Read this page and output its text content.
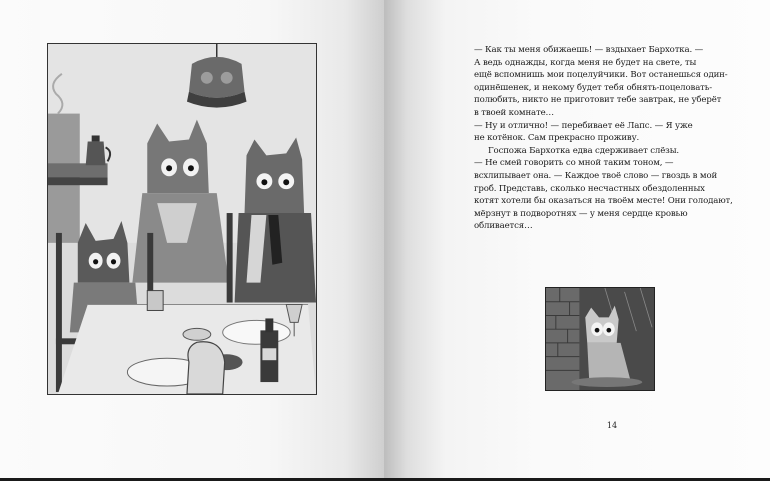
— Как ты меня обижаешь! — вздыхает Бархотка. —
А ведь однажды, когда меня не будет на свете, ты
ещё вспомнишь мои поцелуйчики. Вот останешься один-
одинёшенек, и некому будет тебя обнять-поцеловать-
полюбить, никто не приготовит тебе завтрак, не уберёт
в твоей комнате…
— Ну и отлично! — перебивает её Лапс. — Я уже
не котёнок. Сам прекрасно проживу.
Госпожа Бархотка едва сдерживает слёзы.
— Не смей говорить со мной таким тоном, —
всхлипывает она. — Каждое твоё слово — гвоздь в мой
гроб. Представь, сколько несчастных обездоленных
котят хотели бы оказаться на твоём месте! Они голодают,
мёрзнут в подворотнях — у меня сердце кровью
обливается…
14
